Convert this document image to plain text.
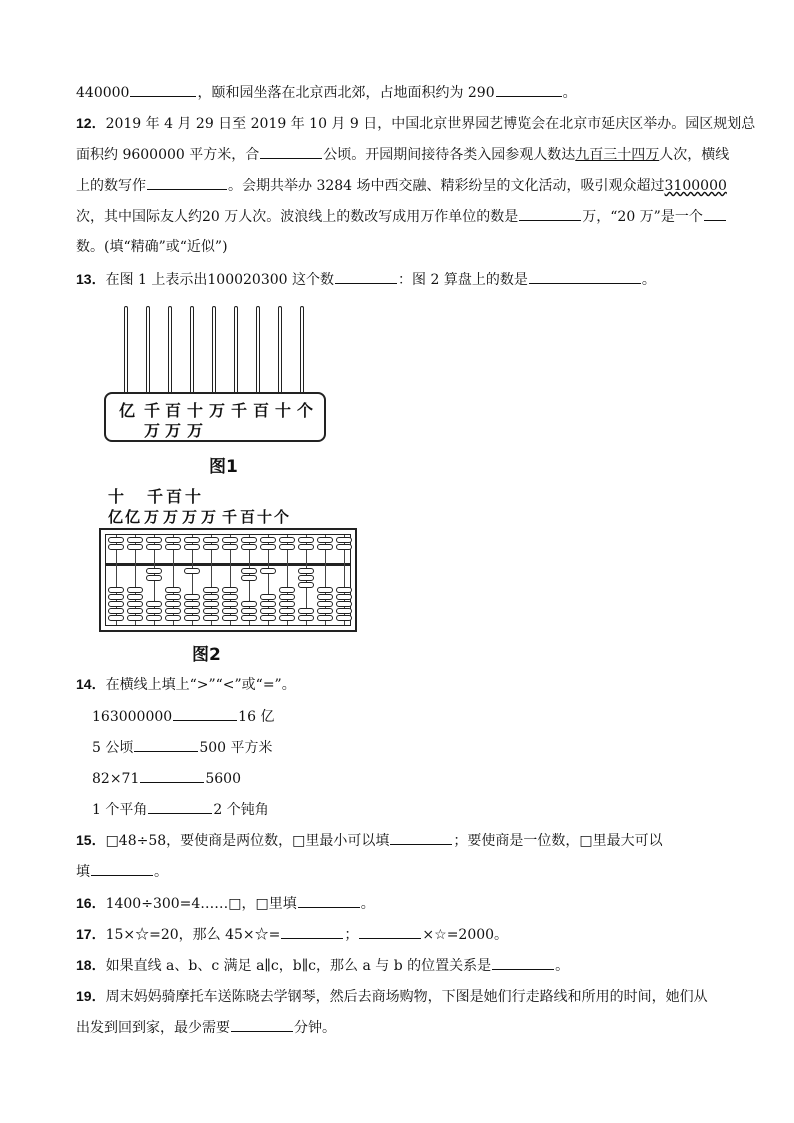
440000	，颐和园坐落在北京西北郊，占地面积约为 290	。
12．2019 年 4 月 29 日至 2019 年 10 月 9 日，中国北京世界园艺博览会在北京市延庆区举办。园区规划总
面积约 9600000 平方米，合	公顷。开园期间接待各类入园参观人数达九百三十四万人次，横线
上的数写作	。会期共举办 3284 场中西交融、精彩纷呈的文化活动，吸引观众超过3100000
次，其中国际友人约20 万人次。波浪线上的数改写成用万作单位的数是	万，“20 万”是一个
数。(填“精确”或“近似”)
13．在图 1 上表示出100020300 这个数	：图 2 算盘上的数是	。
亿 千 百 十 万 千 百 十 个
万 万 万
图1
十 千 百 十
亿 亿 万 万 万 万 千 百 十 个
图2
14．在横线上填上“>”“<”或“=”。
163000000	16 亿
5 公顷	500 平方米
82×71	5600
1 个平角	2 个钝角
15．□48÷58，要使商是两位数，□里最小可以填	；要使商是一位数，□里最大可以
填	。
16．1400÷300=4……□，□里填	。
17．15×☆=20，那么 45×☆=	；	×☆=2000。
18．如果直线 a、b、c 满足 a∥c，b∥c，那么 a 与 b 的位置关系是	。
19．周末妈妈骑摩托车送陈晓去学钢琴，然后去商场购物，下图是她们行走路线和所用的时间，她们从
出发到回到家，最少需要	分钟。
